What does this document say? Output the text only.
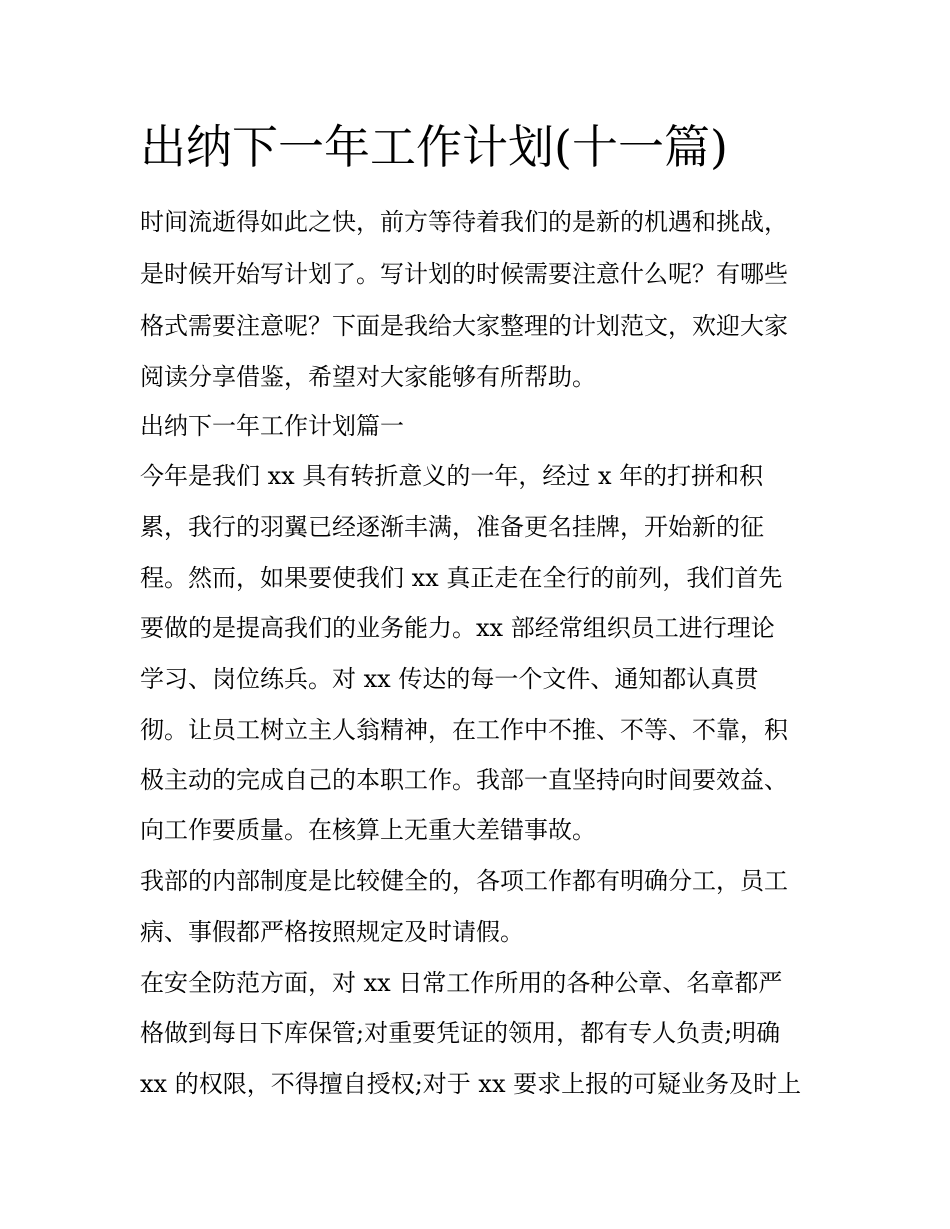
出纳下一年工作计划(十一篇)

时间流逝得如此之快，前方等待着我们的是新的机遇和挑战，

是时候开始写计划了。写计划的时候需要注意什么呢？有哪些

格式需要注意呢？下面是我给大家整理的计划范文，欢迎大家

阅读分享借鉴，希望对大家能够有所帮助。

出纳下一年工作计划篇一

今年是我们 xx 具有转折意义的一年，经过 x 年的打拼和积

累，我行的羽翼已经逐渐丰满，准备更名挂牌，开始新的征

程。然而，如果要使我们 xx 真正走在全行的前列，我们首先

要做的是提高我们的业务能力。xx 部经常组织员工进行理论

学习、岗位练兵。对 xx 传达的每一个文件、通知都认真贯

彻。让员工树立主人翁精神，在工作中不推、不等、不靠，积

极主动的完成自己的本职工作。我部一直坚持向时间要效益、

向工作要质量。在核算上无重大差错事故。

我部的内部制度是比较健全的，各项工作都有明确分工，员工

病、事假都严格按照规定及时请假。

在安全防范方面，对 xx 日常工作所用的各种公章、名章都严

格做到每日下库保管;对重要凭证的领用，都有专人负责;明确

xx 的权限，不得擅自授权;对于 xx 要求上报的可疑业务及时上
